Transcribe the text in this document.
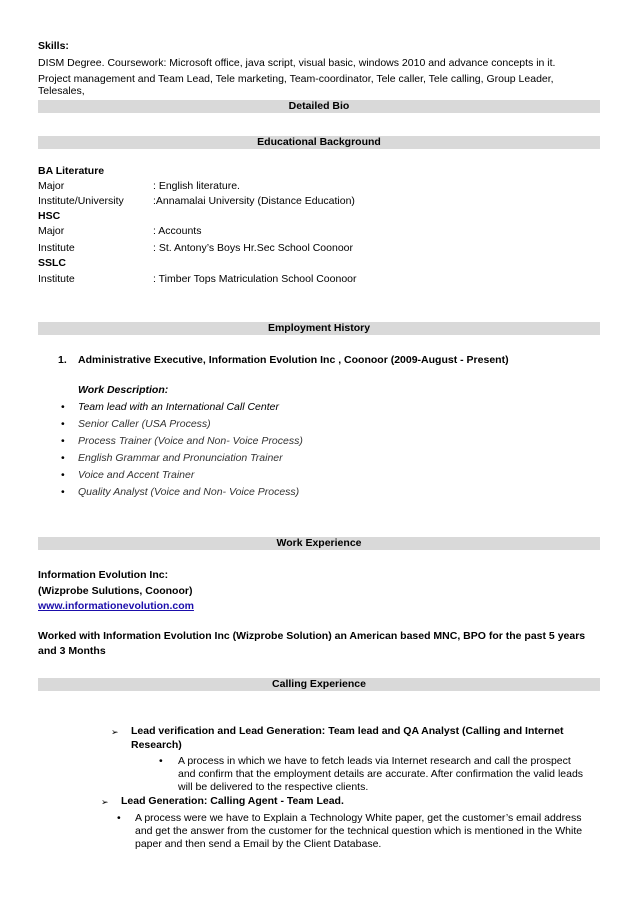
Skills:
DISM Degree. Coursework: Microsoft office, java script, visual basic, windows 2010 and advance concepts in it.
Project management and Team Lead, Tele marketing, Team-coordinator, Tele caller, Tele calling, Group Leader,
Telesales,
Detailed Bio
Educational Background
BA Literature
Major	: English literature.
Institute/University	:Annamalai University (Distance Education)
HSC
Major	: Accounts
Institute	: St. Antony’s Boys Hr.Sec School Coonoor
SSLC
Institute	: Timber Tops Matriculation School Coonoor
Employment History
1. Administrative Executive, Information Evolution Inc , Coonoor (2009-August - Present)
Work Description:
• Team lead with an International Call Center
• Senior Caller (USA Process)
• Process Trainer (Voice and Non- Voice Process)
• English Grammar and Pronunciation Trainer
• Voice and Accent Trainer
• Quality Analyst (Voice and Non- Voice Process)
Work Experience
Information Evolution Inc:
(Wizprobe Sulutions, Coonoor)
www.informationevolution.com
Worked with Information Evolution Inc (Wizprobe Solution) an American based MNC, BPO for the past 5 years
and 3 Months
Calling Experience
➢ Lead verification and Lead Generation: Team lead and QA Analyst (Calling and Internet
Research)
• A process in which we have to fetch leads via Internet research and call the prospect
and confirm that the employment details are accurate. After confirmation the valid leads
will be delivered to the respective clients.
➢ Lead Generation: Calling Agent - Team Lead.
• A process were we have to Explain a Technology White paper, get the customer’s email address
and get the answer from the customer for the technical question which is mentioned in the White
paper and then send a Email by the Client Database.
